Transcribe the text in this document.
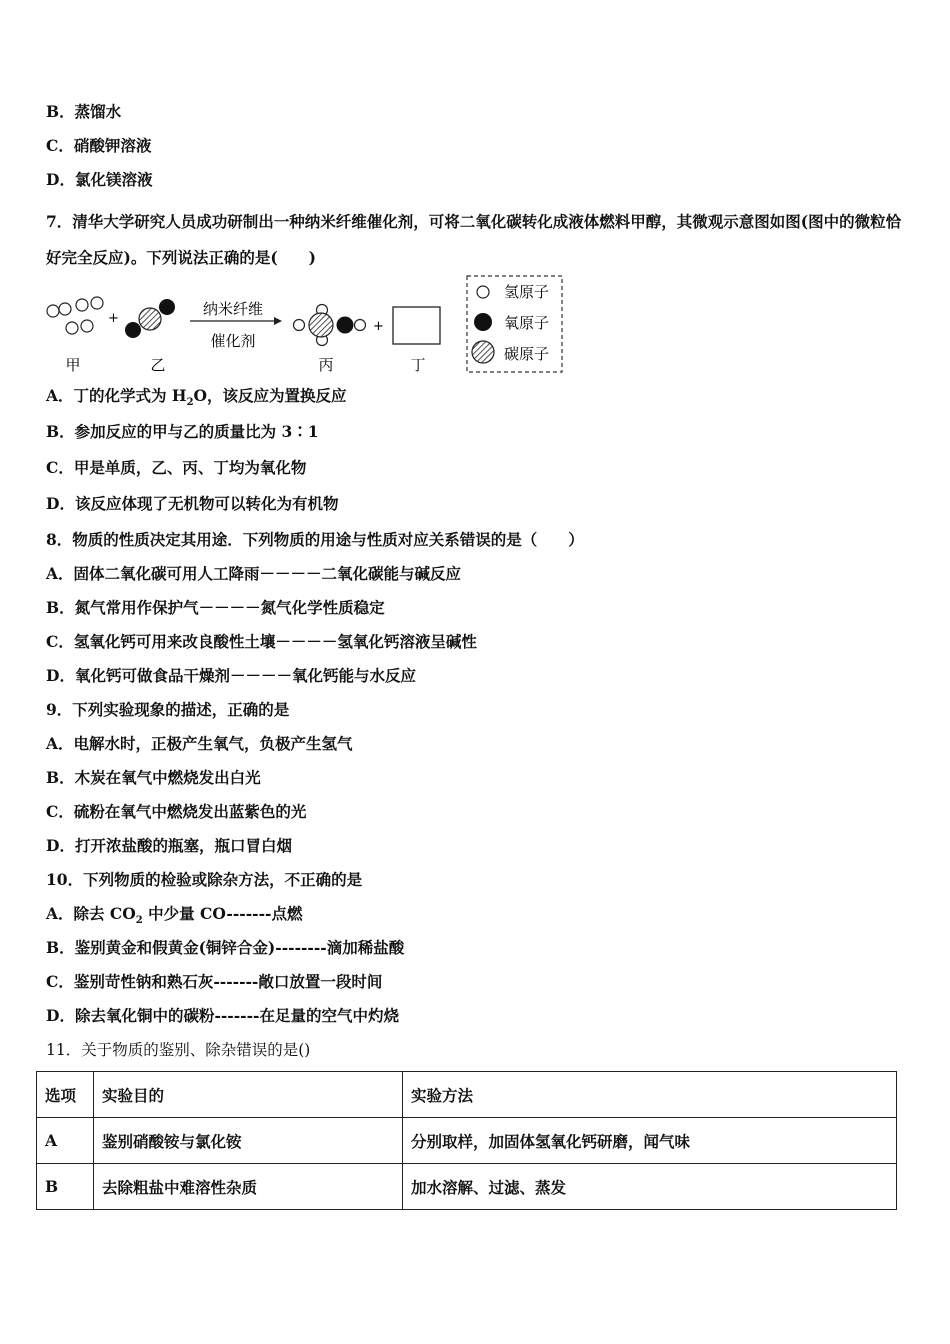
B．蒸馏水
C．硝酸钾溶液
D．氯化镁溶液
7．清华大学研究人员成功研制出一种纳米纤维催化剂，可将二氧化碳转化成液体燃料甲醇，其微观示意图如图(图中的微粒恰好完全反应)。下列说法正确的是(　　)
+
纳米纤维
催化剂
+
甲	乙	丙	丁
氢原子
氧原子
碳原子
A．丁的化学式为 $H_2O$，该反应为置换反应
B．参加反应的甲与乙的质量比为 3∶1
C．甲是单质，乙、丙、丁均为氧化物
D．该反应体现了无机物可以转化为有机物
8．物质的性质决定其用途．下列物质的用途与性质对应关系错误的是（　　）
A．固体二氧化碳可用人工降雨－－－－二氧化碳能与碱反应
B．氮气常用作保护气－－－－氮气化学性质稳定
C．氢氧化钙可用来改良酸性土壤－－－－氢氧化钙溶液呈碱性
D．氧化钙可做食品干燥剂－－－－氧化钙能与水反应
9．下列实验现象的描述，正确的是
A．电解水时，正极产生氧气，负极产生氢气
B．木炭在氧气中燃烧发出白光
C．硫粉在氧气中燃烧发出蓝紫色的光
D．打开浓盐酸的瓶塞，瓶口冒白烟
10．下列物质的检验或除杂方法，不正确的是
A．除去 $CO_2$ 中少量 CO-------点燃
B．鉴别黄金和假黄金(铜锌合金)--------滴加稀盐酸
C．鉴别苛性钠和熟石灰-------敞口放置一段时间
D．除去氧化铜中的碳粉-------在足量的空气中灼烧
11．关于物质的鉴别、除杂错误的是()
选项	实验目的	实验方法
A	鉴别硝酸铵与氯化铵	分别取样，加固体氢氧化钙研磨，闻气味
B	去除粗盐中难溶性杂质	加水溶解、过滤、蒸发
